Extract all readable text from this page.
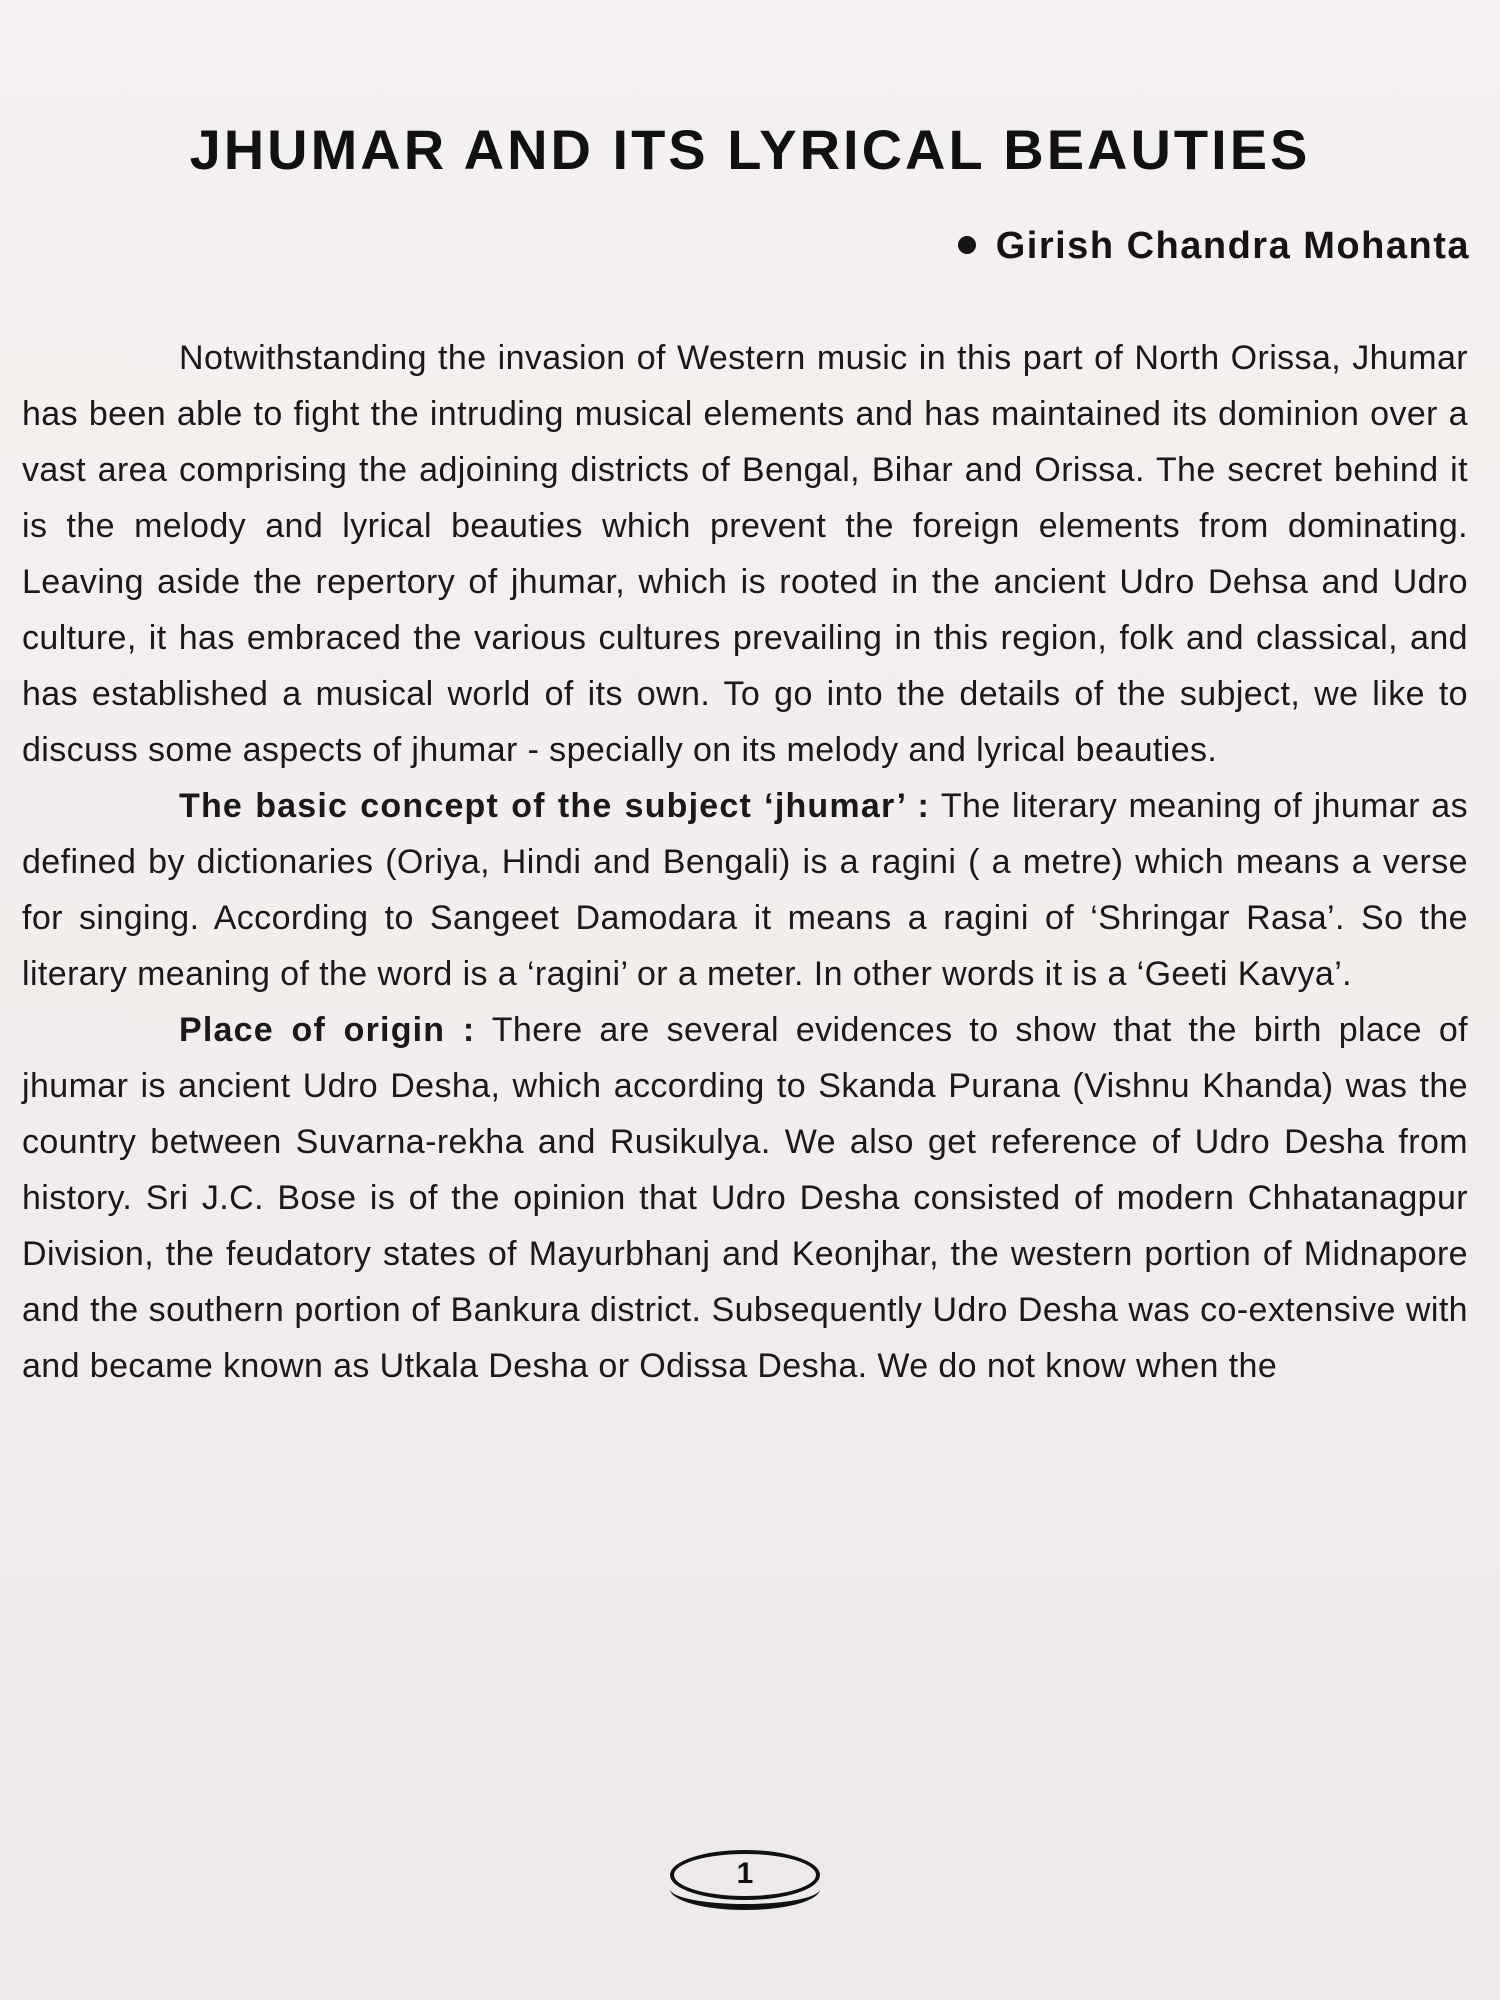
JHUMAR AND ITS LYRICAL BEAUTIES

Girish Chandra Mohanta

Notwithstanding the invasion of Western music in this part of North Orissa, Jhumar has been able to fight the intruding musical elements and has maintained its dominion over a vast area comprising the adjoining districts of Bengal, Bihar and Orissa. The secret behind it is the melody and lyrical beauties which prevent the foreign elements from dominating. Leaving aside the repertory of jhumar, which is rooted in the ancient Udro Dehsa and Udro culture, it has embraced the various cultures prevailing in this region, folk and classical, and has established a musical world of its own. To go into the details of the subject, we like to discuss some aspects of jhumar - specially on its melody and lyrical beauties.

The basic concept of the subject ‘jhumar’ : The literary meaning of jhumar as defined by dictionaries (Oriya, Hindi and Bengali) is a ragini ( a metre) which means a verse for singing. According to Sangeet Damodara it means a ragini of ‘Shringar Rasa’. So the literary meaning of the word is a ‘ragini’ or a meter. In other words it is a ‘Geeti Kavya’.

Place of origin : There are several evidences to show that the birth place of jhumar is ancient Udro Desha, which according to Skanda Purana (Vishnu Khanda) was the country between Suvarna-rekha and Rusikulya. We also get reference of Udro Desha from history. Sri J.C. Bose is of the opinion that Udro Desha consisted of modern Chhatanagpur Division, the feudatory states of Mayurbhanj and Keonjhar, the western portion of Midnapore and the southern portion of Bankura district. Subsequently Udro Desha was co-extensive with and became known as Utkala Desha or Odissa Desha. We do not know when the

1
